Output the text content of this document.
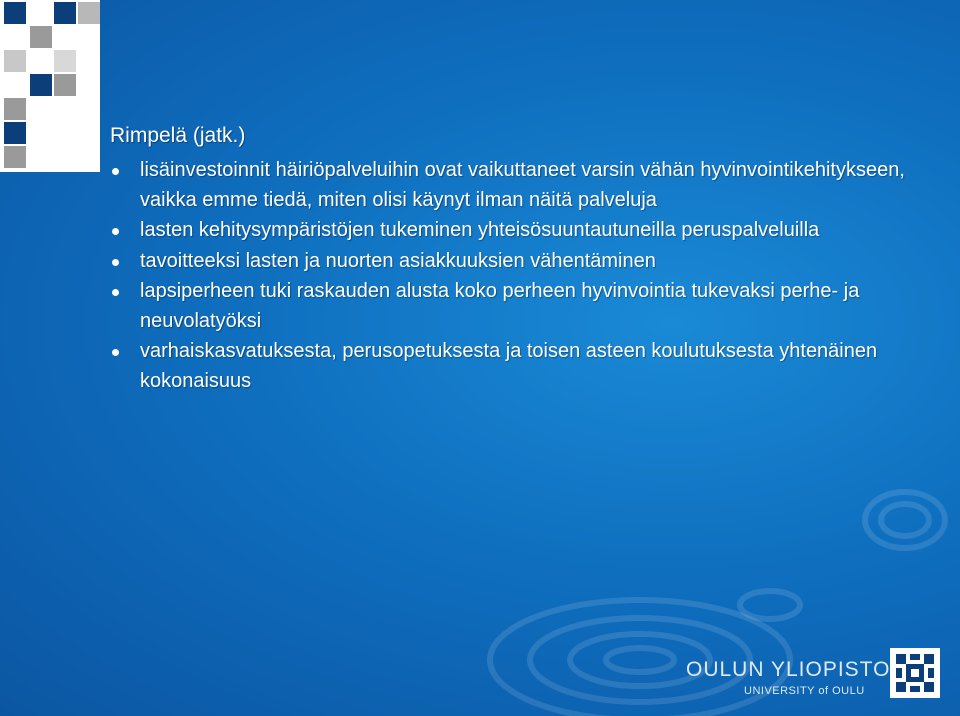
Rimpelä (jatk.)
lisäinvestoinnit häiriöpalveluihin ovat vaikuttaneet varsin vähän hyvinvointikehitykseen, vaikka emme tiedä, miten olisi käynyt ilman näitä palveluja
lasten kehitysympäristöjen tukeminen yhteisösuuntautuneilla peruspalveluilla
tavoitteeksi lasten ja nuorten asiakkuuksien vähentäminen
lapsiperheen tuki raskauden alusta koko perheen hyvinvointia tukevaksi perhe- ja neuvolatyöksi
varhaiskasvatuksesta, perusopetuksesta ja toisen asteen koulutuksesta yhtenäinen kokonaisuus
OULUN YLIOPISTO
UNIVERSITY of OULU
